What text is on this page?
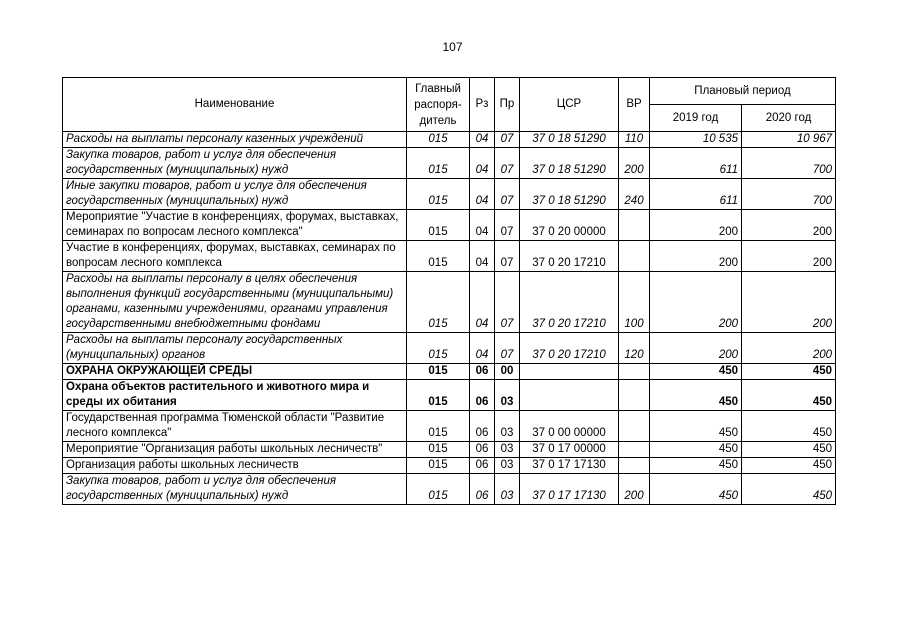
107
Наименование	Главный распоря-дитель	Рз	Пр	ЦСР	ВР	Плановый период	
						2019 год	2020 год
Расходы на выплаты персоналу казенных учреждений	015	04	07	37 0 18 51290	110	10 535	10 967
Закупка товаров, работ и услуг для обеспечения государственных (муниципальных) нужд	015	04	07	37 0 18 51290	200	611	700
Иные закупки товаров, работ и услуг для обеспечения государственных (муниципальных) нужд	015	04	07	37 0 18 51290	240	611	700
Мероприятие "Участие в конференциях, форумах, выставках, семинарах по вопросам лесного комплекса"	015	04	07	37 0 20 00000		200	200
Участие в конференциях, форумах, выставках, семинарах по вопросам лесного комплекса	015	04	07	37 0 20 17210		200	200
Расходы на выплаты персоналу в целях обеспечения выполнения функций государственными (муниципальными) органами, казенными учреждениями, органами управления государственными внебюджетными фондами	015	04	07	37 0 20 17210	100	200	200
Расходы на выплаты персоналу государственных (муниципальных) органов	015	04	07	37 0 20 17210	120	200	200
ОХРАНА ОКРУЖАЮЩЕЙ СРЕДЫ	015	06	00			450	450
Охрана объектов растительного и животного мира и среды их обитания	015	06	03			450	450
Государственная программа Тюменской области "Развитие лесного комплекса"	015	06	03	37 0 00 00000		450	450
Мероприятие "Организация работы школьных лесничеств"	015	06	03	37 0 17 00000		450	450
Организация работы школьных лесничеств	015	06	03	37 0 17 17130		450	450
Закупка товаров, работ и услуг для обеспечения государственных (муниципальных) нужд	015	06	03	37 0 17 17130	200	450	450
